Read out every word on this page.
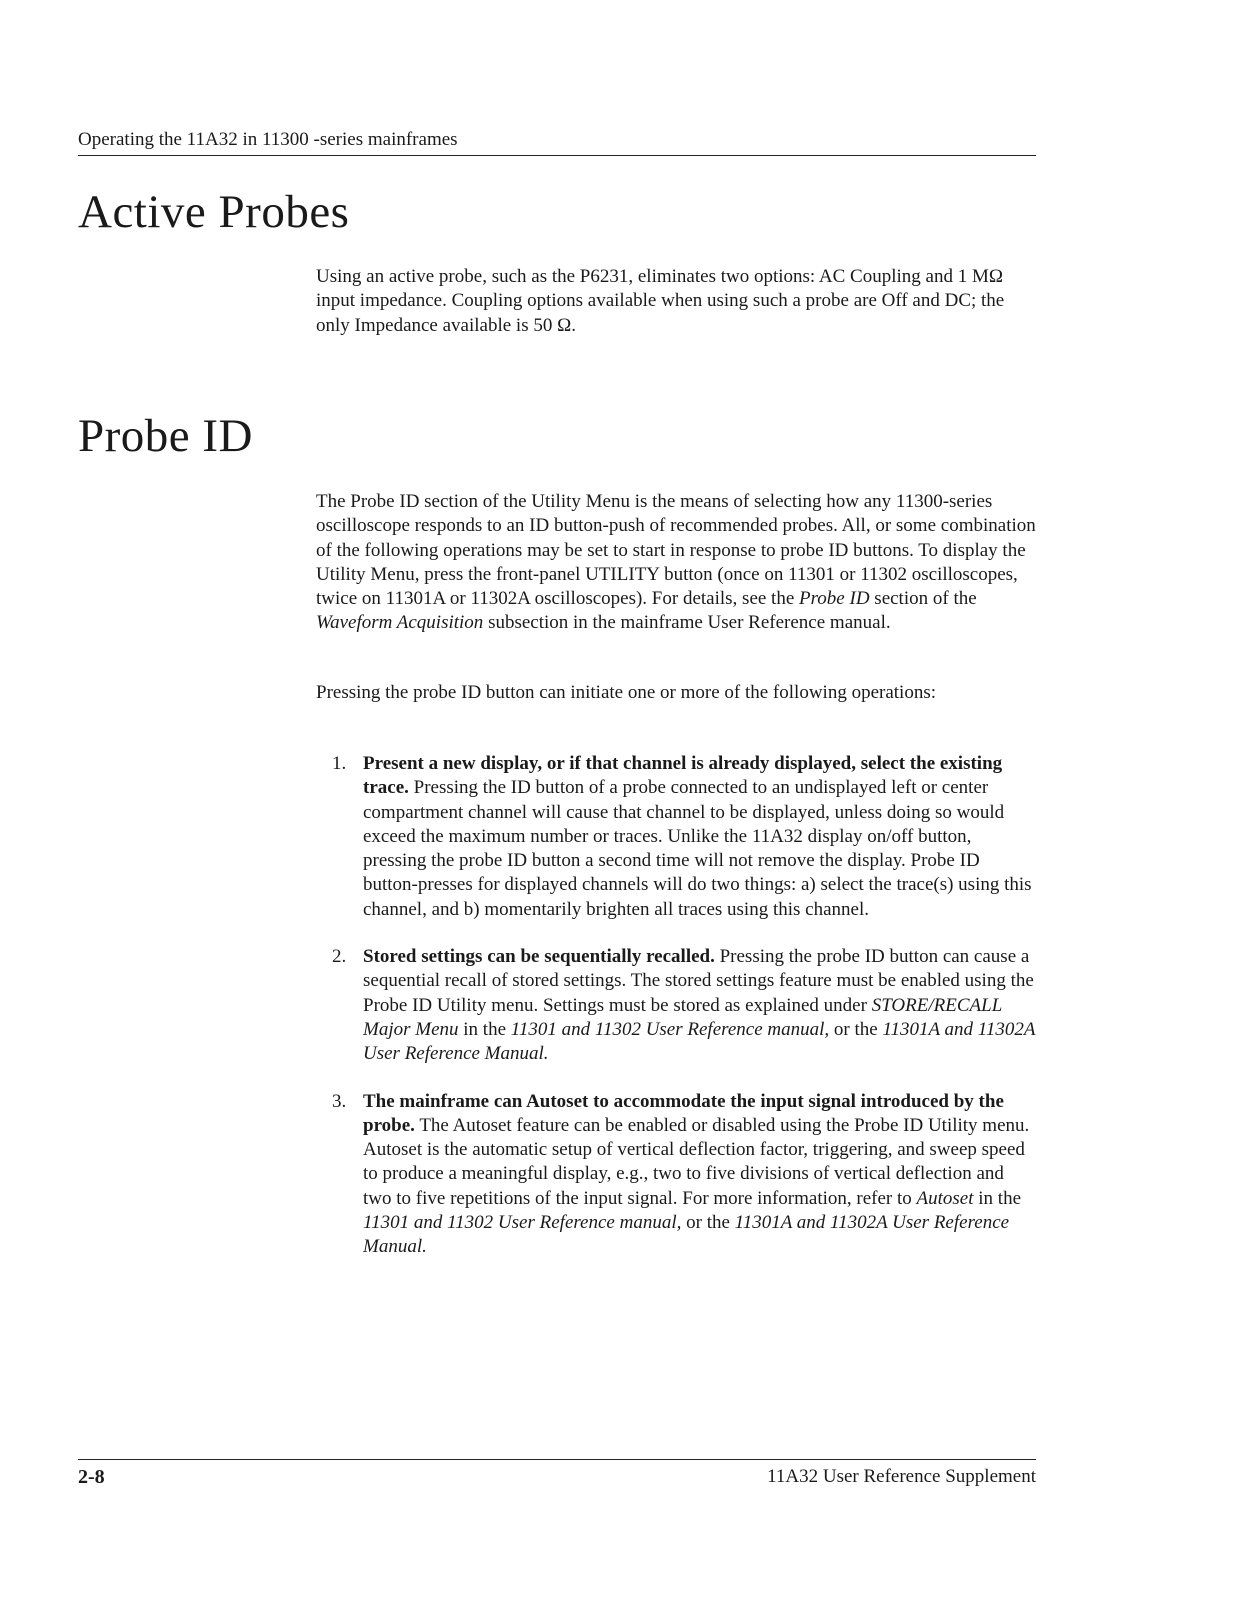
Operating the 11A32 in 11300 -series mainframes
Active Probes

Using an active probe, such as the P6231, eliminates two options: AC Coupling and 1 MΩ input impedance. Coupling options available when using such a probe are Off and DC; the only Impedance available is 50 Ω.

Probe ID

The Probe ID section of the Utility Menu is the means of selecting how any 11300-series oscilloscope responds to an ID button-push of recommended probes. All, or some combination of the following operations may be set to start in response to probe ID buttons. To display the Utility Menu, press the front-panel UTILITY button (once on 11301 or 11302 oscilloscopes, twice on 11301A or 11302A oscilloscopes). For details, see the Probe ID section of the Waveform Acquisition subsection in the mainframe User Reference manual.

Pressing the probe ID button can initiate one or more of the following operations:

1. Present a new display, or if that channel is already displayed, select the existing trace. Pressing the ID button of a probe connected to an undisplayed left or center compartment channel will cause that channel to be displayed, unless doing so would exceed the maximum number or traces. Unlike the 11A32 display on/off button, pressing the probe ID button a second time will not remove the display. Probe ID button-presses for displayed channels will do two things: a) select the trace(s) using this channel, and b) momentarily brighten all traces using this channel.
2. Stored settings can be sequentially recalled. Pressing the probe ID button can cause a sequential recall of stored settings. The stored settings feature must be enabled using the Probe ID Utility menu. Settings must be stored as explained under STORE/RECALL Major Menu in the 11301 and 11302 User Reference manual, or the 11301A and 11302A User Reference Manual.
3. The mainframe can Autoset to accommodate the input signal introduced by the probe. The Autoset feature can be enabled or disabled using the Probe ID Utility menu. Autoset is the automatic setup of vertical deflection factor, triggering, and sweep speed to produce a meaningful display, e.g., two to five divisions of vertical deflection and two to five repetitions of the input signal. For more information, refer to Autoset in the 11301 and 11302 User Reference manual, or the 11301A and 11302A User Reference Manual.
2-8	11A32 User Reference Supplement
